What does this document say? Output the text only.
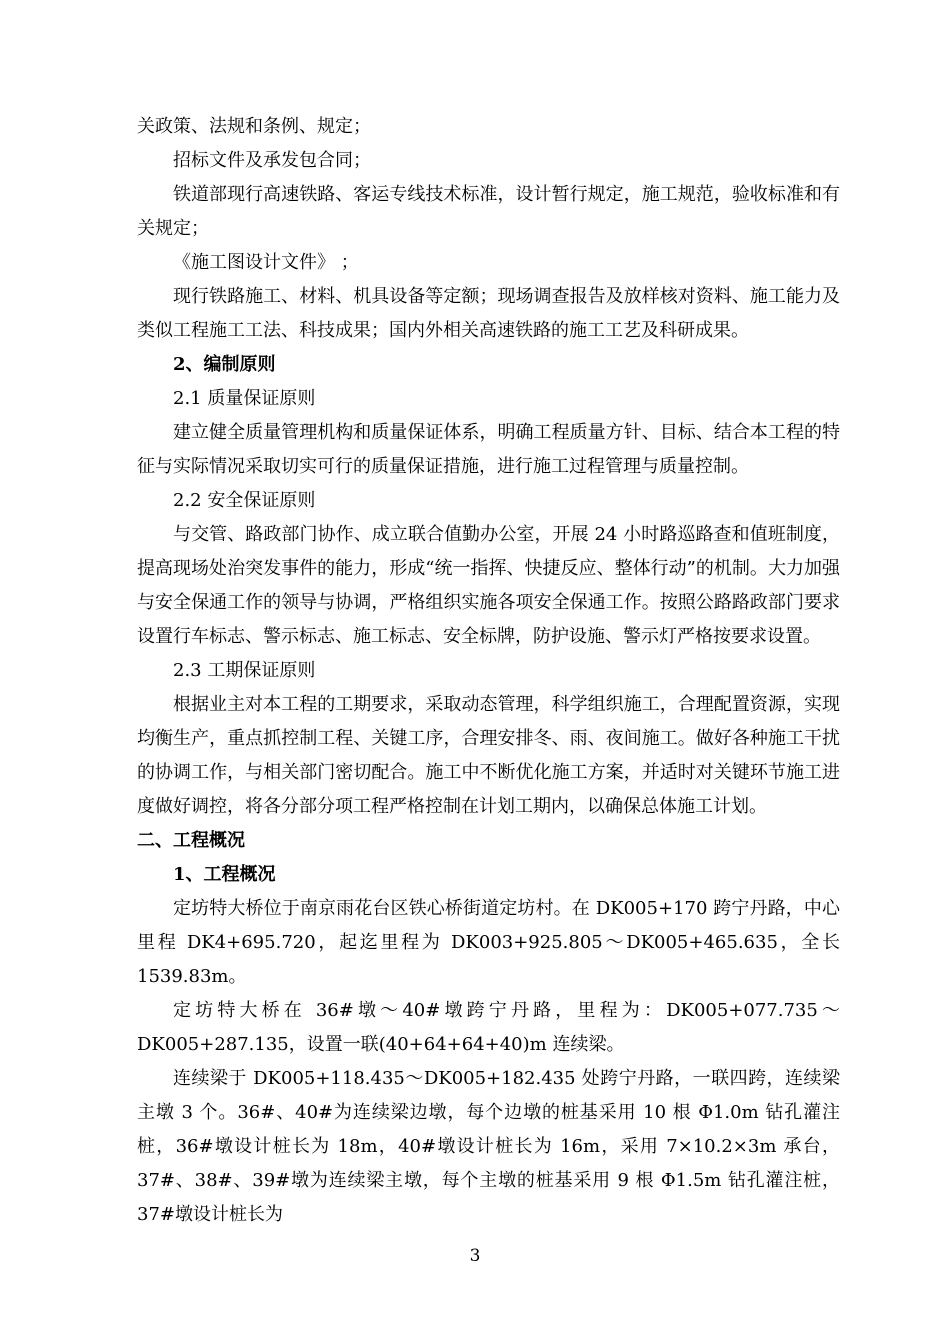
关政策、法规和条例、规定；

招标文件及承发包合同；

铁道部现行高速铁路、客运专线技术标准，设计暂行规定，施工规范，验收标准和有关规定；

《施工图设计文件》 ；

现行铁路施工、材料、机具设备等定额；现场调查报告及放样核对资料、施工能力及类似工程施工工法、科技成果；国内外相关高速铁路的施工工艺及科研成果。

2、编制原则

2.1 质量保证原则

建立健全质量管理机构和质量保证体系，明确工程质量方针、目标、结合本工程的特征与实际情况采取切实可行的质量保证措施，进行施工过程管理与质量控制。

2.2 安全保证原则

与交管、路政部门协作、成立联合值勤办公室，开展 24 小时路巡路查和值班制度，提高现场处治突发事件的能力，形成“统一指挥、快捷反应、整体行动”的机制。大力加强与安全保通工作的领导与协调，严格组织实施各项安全保通工作。按照公路路政部门要求设置行车标志、警示标志、施工标志、安全标牌，防护设施、警示灯严格按要求设置。

2.3 工期保证原则

根据业主对本工程的工期要求，采取动态管理，科学组织施工，合理配置资源，实现均衡生产，重点抓控制工程、关键工序，合理安排冬、雨、夜间施工。做好各种施工干扰的协调工作，与相关部门密切配合。施工中不断优化施工方案，并适时对关键环节施工进度做好调控，将各分部分项工程严格控制在计划工期内，以确保总体施工计划。

二、工程概况

1、工程概况

定坊特大桥位于南京雨花台区铁心桥街道定坊村。在 DK005+170 跨宁丹路，中心里程 DK4+695.720，起迄里程为 DK003+925.805～DK005+465.635，全长 1539.83m。

定坊特大桥在 36#墩～40#墩跨宁丹路，里程为：DK005+077.735～DK005+287.135，设置一联(40+64+64+40)m 连续梁。

连续梁于 DK005+118.435～DK005+182.435 处跨宁丹路，一联四跨，连续梁主墩 3 个。36#、40#为连续梁边墩，每个边墩的桩基采用 10 根 Φ1.0m 钻孔灌注桩，36#墩设计桩长为 18m，40#墩设计桩长为 16m，采用 7×10.2×3m 承台，37#、38#、39#墩为连续梁主墩，每个主墩的桩基采用 9 根 Φ1.5m 钻孔灌注桩，37#墩设计桩长为

3
